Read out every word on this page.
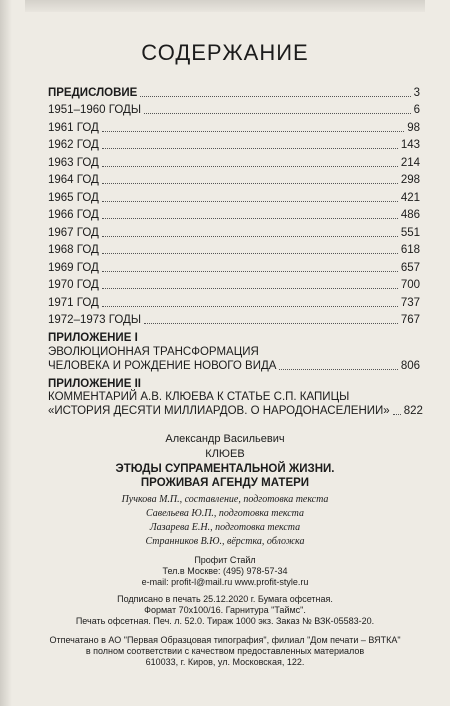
СОДЕРЖАНИЕ
ПРЕДИСЛОВИЕ	3
1951–1960 ГОДЫ	6
1961 ГОД	98
1962 ГОД	143
1963 ГОД	214
1964 ГОД	298
1965 ГОД	421
1966 ГОД	486
1967 ГОД	551
1968 ГОД	618
1969 ГОД	657
1970 ГОД	700
1971 ГОД	737
1972–1973 ГОДЫ	767
ПРИЛОЖЕНИЕ I
ЭВОЛЮЦИОННАЯ ТРАНСФОРМАЦИЯ
ЧЕЛОВЕКА И РОЖДЕНИЕ НОВОГО ВИДА	806
ПРИЛОЖЕНИЕ II
КОММЕНТАРИЙ А.В. КЛЮЕВА К СТАТЬЕ С.П. КАПИЦЫ
«ИСТОРИЯ ДЕСЯТИ МИЛЛИАРДОВ. О НАРОДОНАСЕЛЕНИИ» 822
Александр Васильевич
КЛЮЕВ
ЭТЮДЫ СУПРАМЕНТАЛЬНОЙ ЖИЗНИ.
ПРОЖИВАЯ АГЕНДУ МАТЕРИ
Пучкова М.П., составление, подготовка текста
Савельева Ю.П., подготовка текста
Лазарева Е.Н., подготовка текста
Странников В.Ю., вёрстка, обложка
Профит Стайл
Тел.в Москве: (495) 978-57-34
e-mail: profit-l@mail.ru www.profit-style.ru
Подписано в печать 25.12.2020 г. Бумага офсетная.
Формат 70х100/16. Гарнитура "Таймс".
Печать офсетная. Печ. л. 52.0. Тираж 1000 экз. Заказ № ВЗК-05583-20.
Отпечатано в АО "Первая Образцовая типография", филиал "Дом печати – ВЯТКА"
в полном соответствии с качеством предоставленных материалов
610033, г. Киров, ул. Московская, 122.
